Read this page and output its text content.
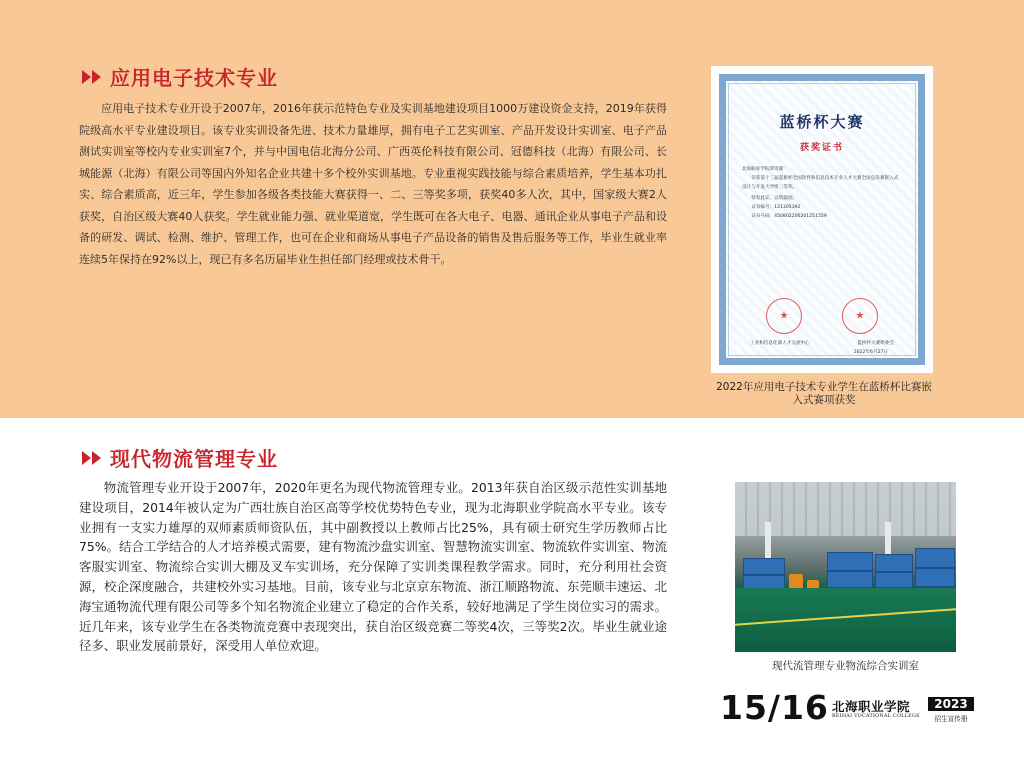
应用电子技术专业

应用电子技术专业开设于2007年，2016年获示范特色专业及实训基地建设项目1000万建设资金支持，2019年获得院级高水平专业建设项目。该专业实训设备先进、技术力量雄厚，拥有电子工艺实训室、产品开发设计实训室、电子产品测试实训室等校内专业实训室7个，并与中国电信北海分公司、广西英伦科技有限公司、冠德科技（北海）有限公司、长城能源（北海）有限公司等国内外知名企业共建十多个校外实训基地。专业重视实践技能与综合素质培养，学生基本功扎实、综合素质高，近三年，学生参加各级各类技能大赛获得一、二、三等奖多项，获奖40多人次，其中，国家级大赛2人获奖，自治区级大赛40人获奖。学生就业能力强、就业渠道宽，学生既可在各大电子、电器、通讯企业从事电子产品和设备的研发、调试、检测、维护、管理工作，也可在企业和商场从事电子产品设备的销售及售后服务等工作，毕业生就业率连续5年保持在92%以上，现已有多名历届毕业生担任部门经理或技术骨干。

蓝桥杯大赛
获奖证书

北海职业学院覃奇隆：

荣获第十三届蓝桥杯全国软件和信息技术专业人才大赛全国总决赛嵌入式设计与开发大学组三等奖。

特发此证，以资鼓励。

证书编号：121305392

证书号码：450802200201251559

★
★
工业和信息化部人才交流中心	蓝桥杯大赛组委会
2022年6月27日
2022年应用电子技术专业学生在蓝桥杯比赛嵌入式赛项获奖
现代物流管理专业

物流管理专业开设于2007年，2020年更名为现代物流管理专业。2013年获自治区级示范性实训基地建设项目，2014年被认定为广西壮族自治区高等学校优势特色专业，现为北海职业学院高水平专业。该专业拥有一支实力雄厚的双师素质师资队伍，其中副教授以上教师占比25%，具有硕士研究生学历教师占比75%。结合工学结合的人才培养模式需要，建有物流沙盘实训室、智慧物流实训室、物流软件实训室、物流客服实训室、物流综合实训大棚及叉车实训场，充分保障了实训类课程教学需求。同时，充分利用社会资源，校企深度融合，共建校外实习基地。目前，该专业与北京京东物流、浙江顺路物流、东莞顺丰速运、北海宝通物流代理有限公司等多个知名物流企业建立了稳定的合作关系，较好地满足了学生岗位实习的需求。近几年来，该专业学生在各类物流竞赛中表现突出，获自治区级竞赛二等奖4次，三等奖2次。毕业生就业途径多、职业发展前景好，深受用人单位欢迎。

现代流管理专业物流综合实训室
15/16 北海职业学院
BEIHAI VOCATIONAL COLLEGE
2023
招生宣传册
